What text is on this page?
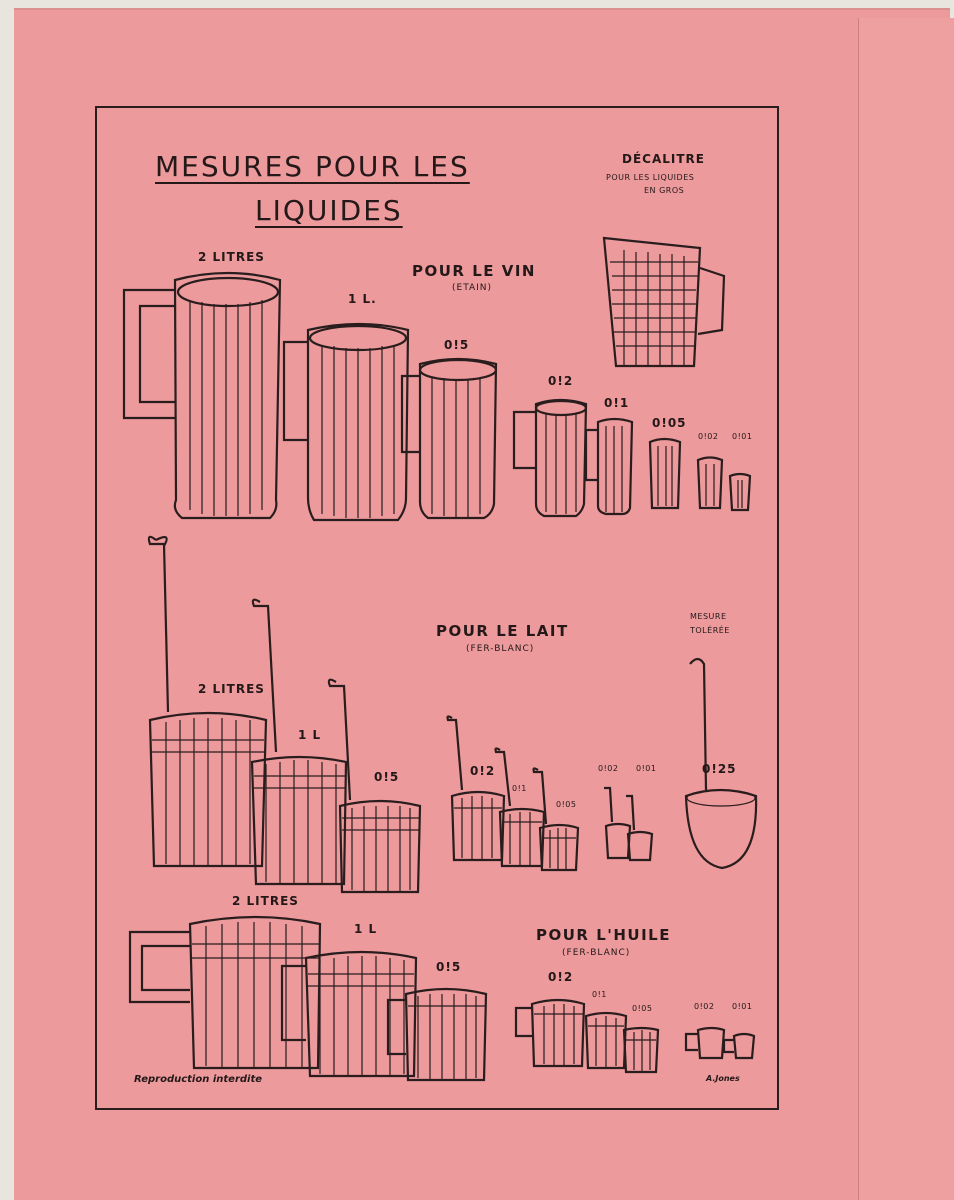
MESURES POUR LES

LIQUIDES

DÉCALITRE

POUR LES LIQUIDES

EN GROS

POUR LE VIN

(ETAIN)

2 LITRES

1 L.

0!5

0!2

0!1

0!05

0!02 0!01

POUR LE LAIT

(FER-BLANC)

2 LITRES

1 L

0!5	0!2

0!1

0!05

0!02 0!01

MESURE

TOLÉRÉE

0!25

POUR L'HUILE

(FER-BLANC)

2 LITRES

1 L

0!5

0!2

0!1

0!05	0!02 0!01

Reproduction interdite	A.Jones
